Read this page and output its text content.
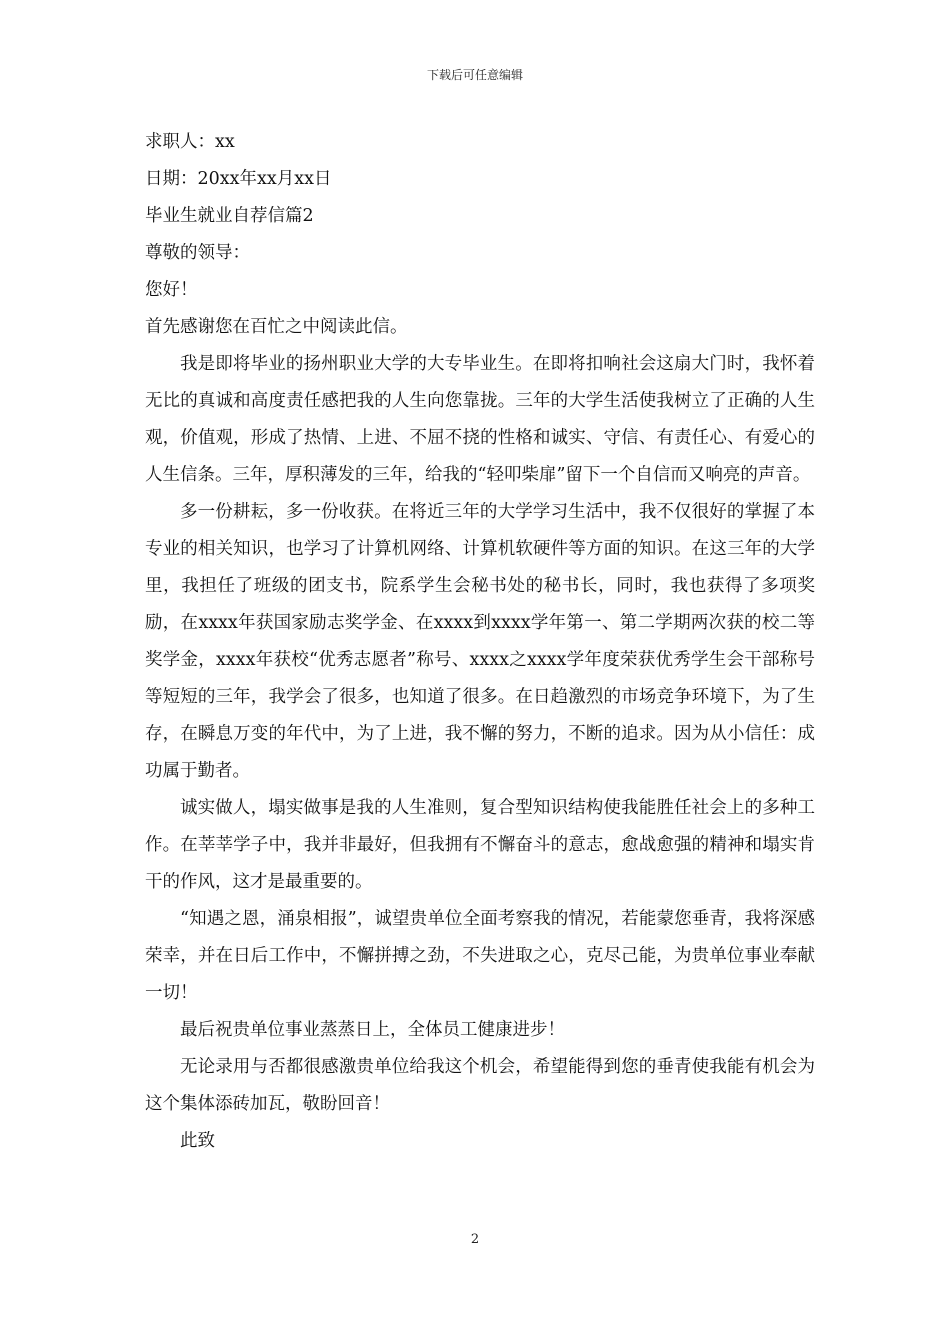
下载后可任意编辑

求职人：xx

日期：20xx年xx月xx日

毕业生就业自荐信篇2

尊敬的领导：

您好！

首先感谢您在百忙之中阅读此信。

我是即将毕业的扬州职业大学的大专毕业生。在即将扣响社会这扇大门时，我怀着无比的真诚和高度责任感把我的人生向您靠拢。三年的大学生活使我树立了正确的人生观，价值观，形成了热情、上进、不屈不挠的性格和诚实、守信、有责任心、有爱心的人生信条。三年，厚积薄发的三年，给我的“轻叩柴扉”留下一个自信而又响亮的声音。

多一份耕耘，多一份收获。在将近三年的大学学习生活中，我不仅很好的掌握了本专业的相关知识，也学习了计算机网络、计算机软硬件等方面的知识。在这三年的大学里，我担任了班级的团支书，院系学生会秘书处的秘书长，同时，我也获得了多项奖励，在xxxx年获国家励志奖学金、在xxxx到xxxx学年第一、第二学期两次获的校二等奖学金，xxxx年获校“优秀志愿者”称号、xxxx之xxxx学年度荣获优秀学生会干部称号等短短的三年，我学会了很多，也知道了很多。在日趋激烈的市场竞争环境下，为了生存，在瞬息万变的年代中，为了上进，我不懈的努力，不断的追求。因为从小信任：成功属于勤者。

诚实做人，塌实做事是我的人生准则，复合型知识结构使我能胜任社会上的多种工作。在莘莘学子中，我并非最好，但我拥有不懈奋斗的意志，愈战愈强的精神和塌实肯干的作风，这才是最重要的。

“知遇之恩，涌泉相报”，诚望贵单位全面考察我的情况，若能蒙您垂青，我将深感荣幸，并在日后工作中，不懈拼搏之劲，不失进取之心，克尽己能，为贵单位事业奉献一切！

最后祝贵单位事业蒸蒸日上，全体员工健康进步！

无论录用与否都很感激贵单位给我这个机会，希望能得到您的垂青使我能有机会为这个集体添砖加瓦，敬盼回音！

此致

2
